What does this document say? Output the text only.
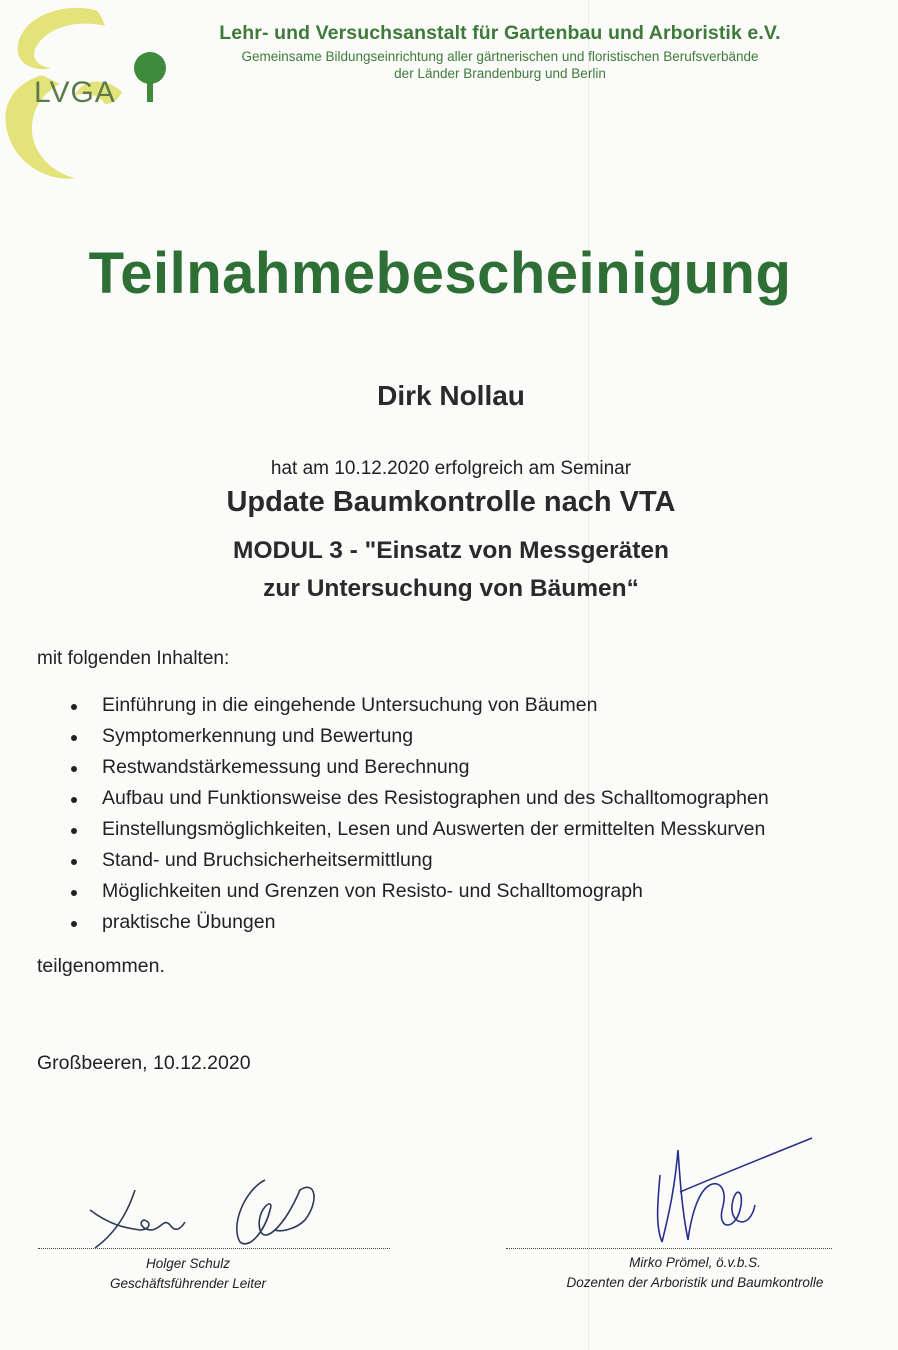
LVGA
Lehr- und Versuchsanstalt für Gartenbau und Arboristik e.V.
Gemeinsame Bildungseinrichtung aller gärtnerischen und floristischen Berufsverbände
der Länder Brandenburg und Berlin
Teilnahmebescheinigung
Dirk Nollau
hat am 10.12.2020 erfolgreich am Seminar
Update Baumkontrolle nach VTA
MODUL 3 - "Einsatz von Messgeräten
zur Untersuchung von Bäumen“
mit folgenden Inhalten:
Einführung in die eingehende Untersuchung von Bäumen
Symptomerkennung und Bewertung
Restwandstärkemessung und Berechnung
Aufbau und Funktionsweise des Resistographen und des Schalltomographen
Einstellungsmöglichkeiten, Lesen und Auswerten der ermittelten Messkurven
Stand- und Bruchsicherheitsermittlung
Möglichkeiten und Grenzen von Resisto- und Schalltomograph
praktische Übungen
teilgenommen.
Großbeeren, 10.12.2020
Holger Schulz
Geschäftsführender Leiter
Mirko Prömel, ö.v.b.S.
Dozenten der Arboristik und Baumkontrolle
